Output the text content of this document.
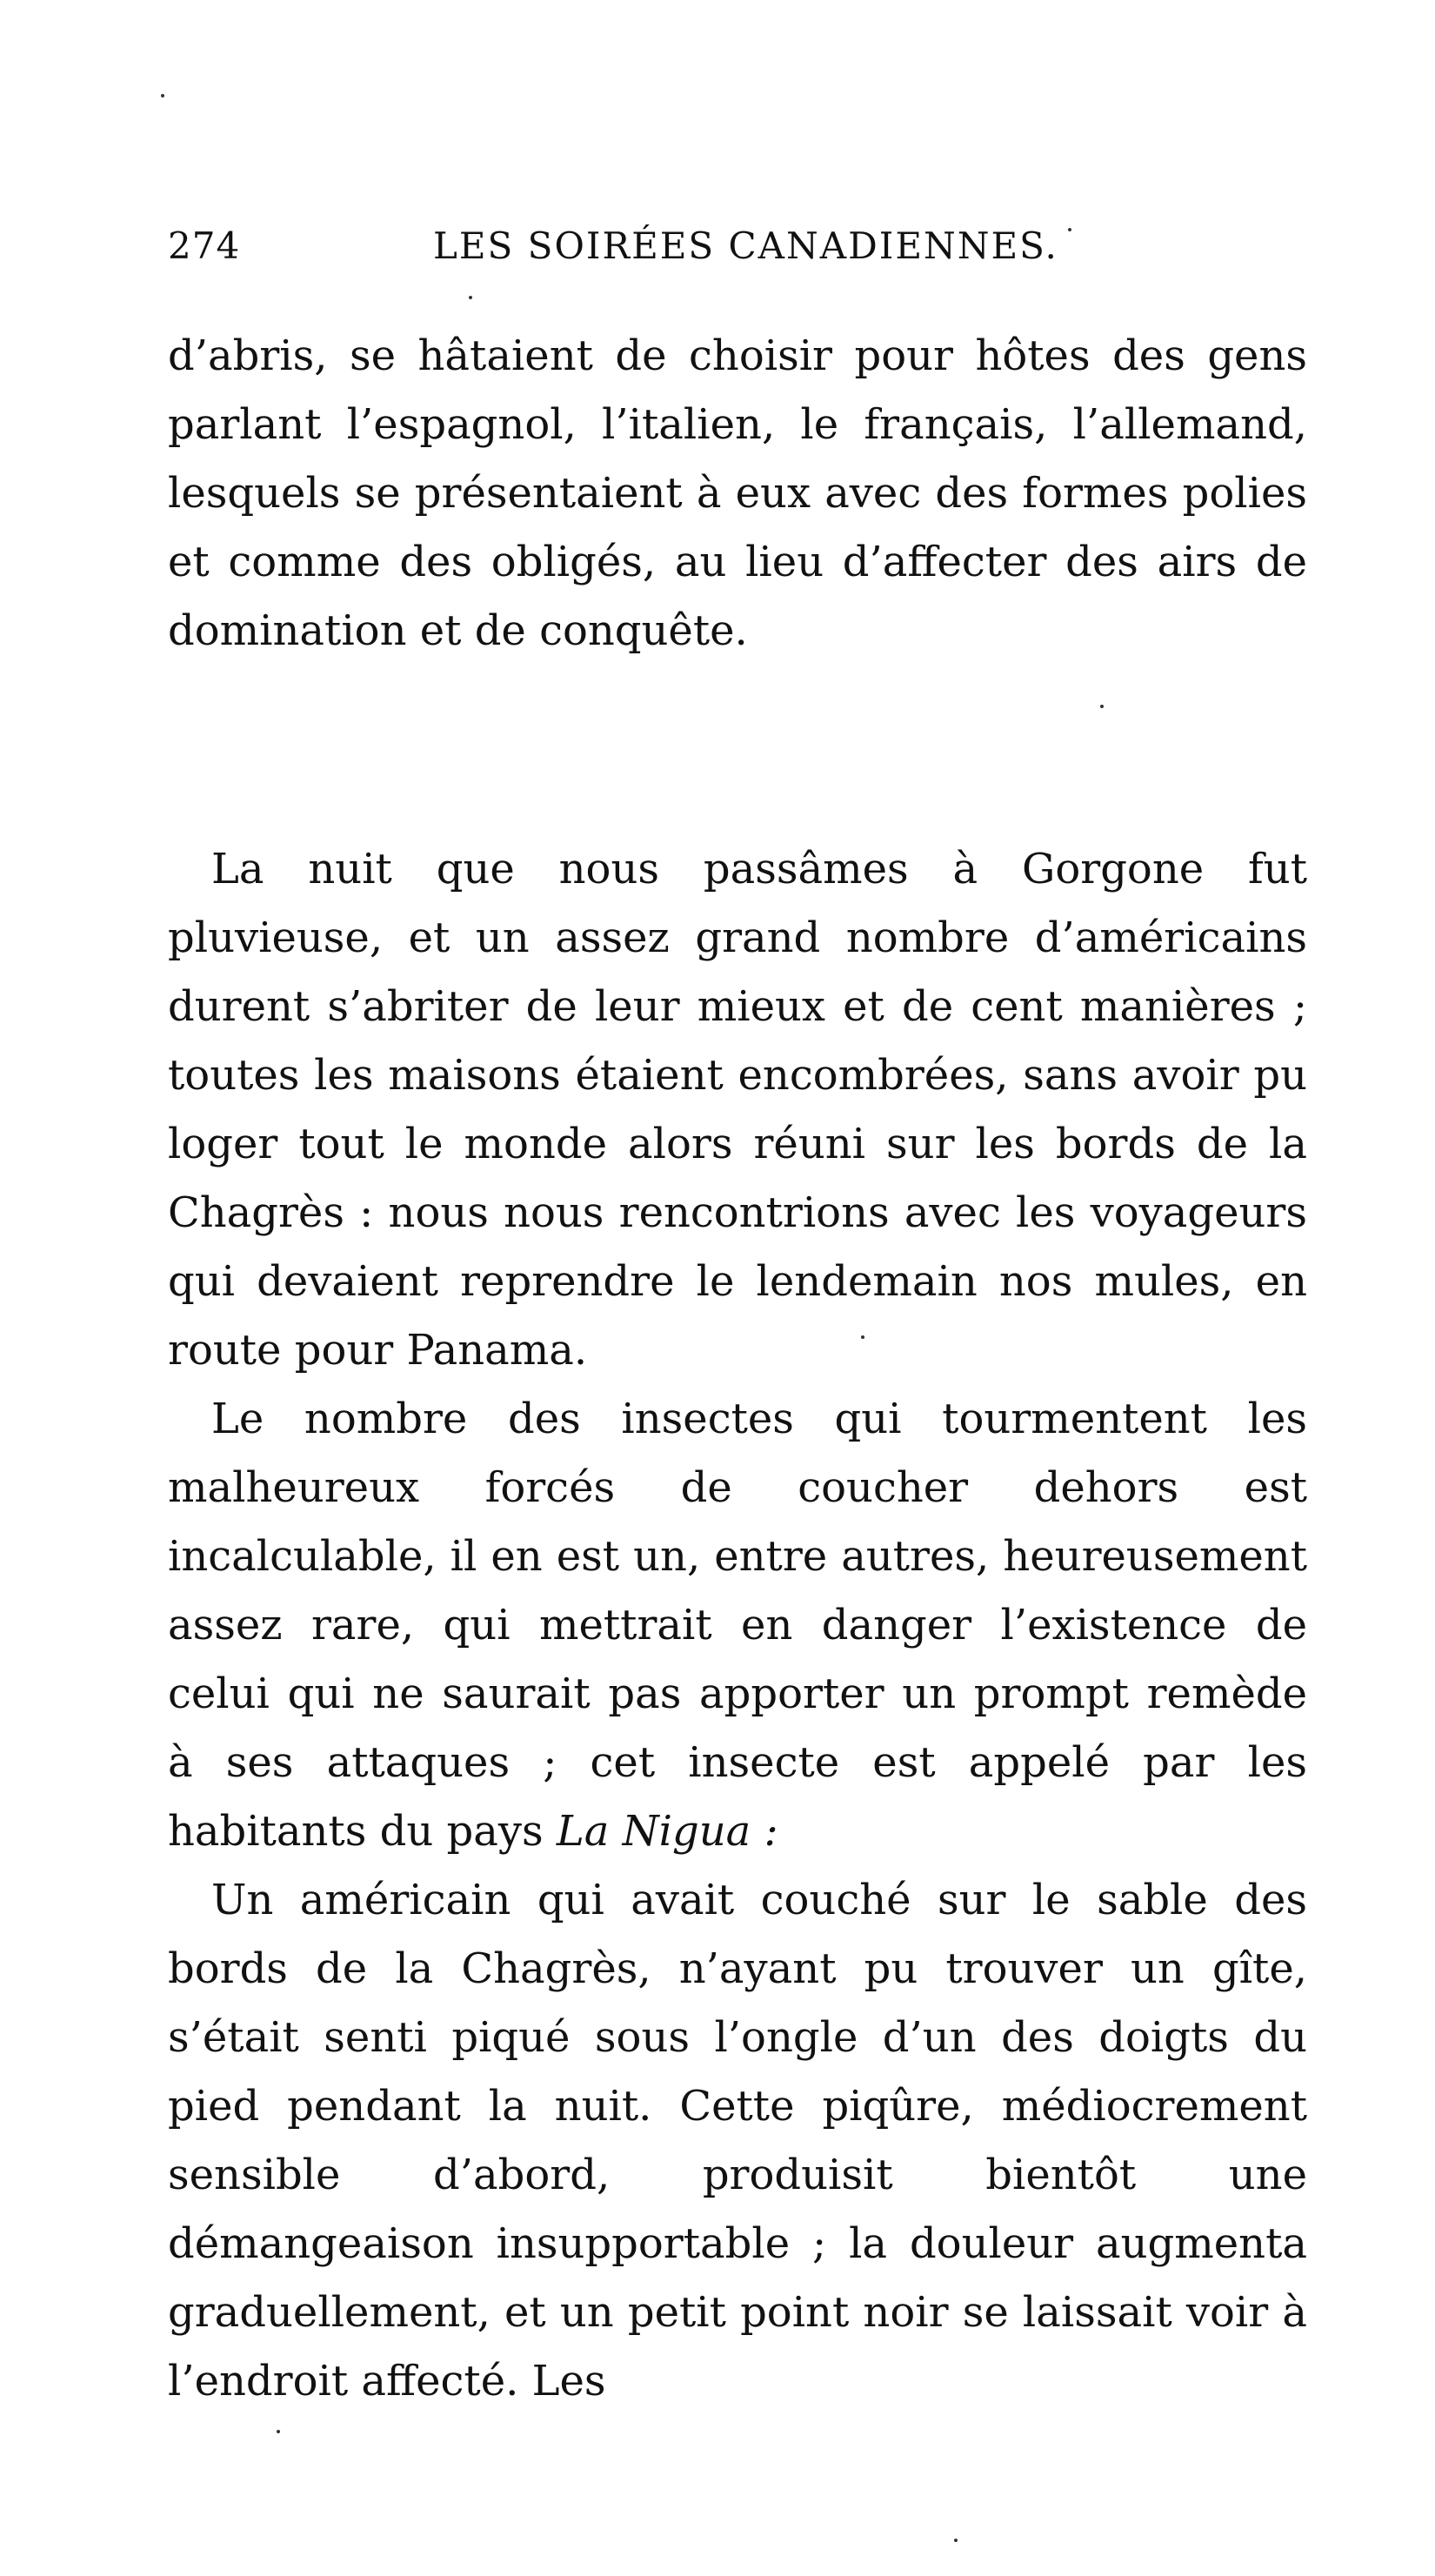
274	LES SOIRÉES CANADIENNES.

d’abris, se hâtaient de choisir pour hôtes des gens parlant l’espagnol, l’italien, le français, l’allemand, lesquels se présentaient à eux avec des formes polies et comme des obligés, au lieu d’affecter des airs de domination et de conquête.

La nuit que nous passâmes à Gorgone fut pluvieuse, et un assez grand nombre d’américains durent s’abriter de leur mieux et de cent manières ; toutes les maisons étaient encombrées, sans avoir pu loger tout le monde alors réuni sur les bords de la Chagrès : nous nous rencontrions avec les voyageurs qui devaient reprendre le lendemain nos mules, en route pour Panama.

Le nombre des insectes qui tourmentent les malheureux forcés de coucher dehors est incalculable, il en est un, entre autres, heureusement assez rare, qui mettrait en danger l’existence de celui qui ne saurait pas apporter un prompt remède à ses attaques ; cet insecte est appelé par les habitants du pays La Nigua :

Un américain qui avait couché sur le sable des bords de la Chagrès, n’ayant pu trouver un gîte, s’était senti piqué sous l’ongle d’un des doigts du pied pendant la nuit. Cette piqûre, médiocrement sensible d’abord, produisit bientôt une démangeaison insupportable ; la douleur augmenta graduellement, et un petit point noir se laissait voir à l’endroit affecté. Les
